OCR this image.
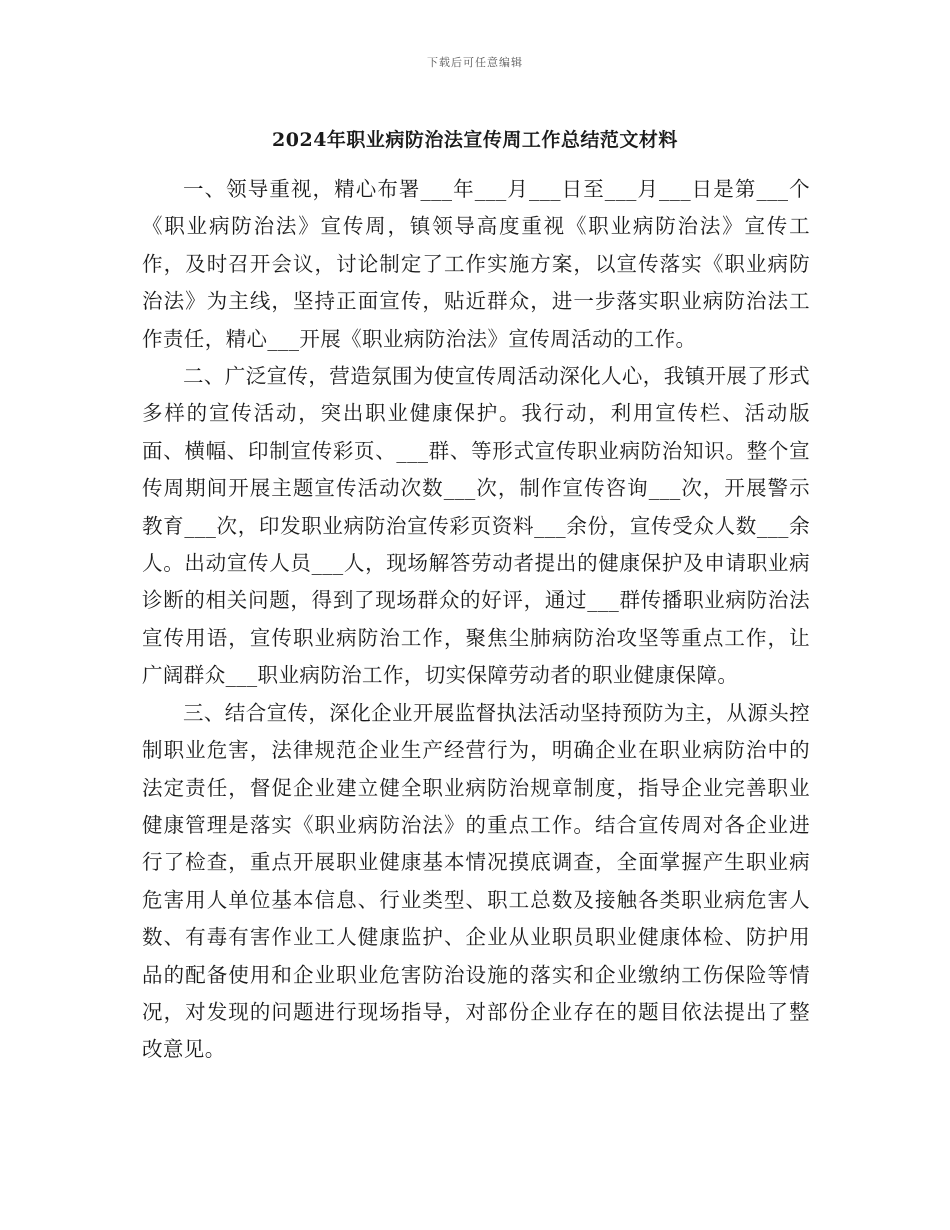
下载后可任意编辑
2024年职业病防治法宣传周工作总结范文材料

一、领导重视，精心布署___年___月___日至___月___日是第___个《职业病防治法》宣传周，镇领导高度重视《职业病防治法》宣传工作，及时召开会议，讨论制定了工作实施方案，以宣传落实《职业病防治法》为主线，坚持正面宣传，贴近群众，进一步落实职业病防治法工作责任，精心___开展《职业病防治法》宣传周活动的工作。

二、广泛宣传，营造氛围为使宣传周活动深化人心，我镇开展了形式多样的宣传活动，突出职业健康保护。我行动，利用宣传栏、活动版面、横幅、印制宣传彩页、___群、等形式宣传职业病防治知识。整个宣传周期间开展主题宣传活动次数___次，制作宣传咨询___次，开展警示教育___次，印发职业病防治宣传彩页资料___余份，宣传受众人数___余人。出动宣传人员___人，现场解答劳动者提出的健康保护及申请职业病诊断的相关问题，得到了现场群众的好评，通过___群传播职业病防治法宣传用语，宣传职业病防治工作，聚焦尘肺病防治攻坚等重点工作，让广阔群众___职业病防治工作，切实保障劳动者的职业健康保障。

三、结合宣传，深化企业开展监督执法活动坚持预防为主，从源头控制职业危害，法律规范企业生产经营行为，明确企业在职业病防治中的法定责任，督促企业建立健全职业病防治规章制度，指导企业完善职业健康管理是落实《职业病防治法》的重点工作。结合宣传周对各企业进行了检查，重点开展职业健康基本情况摸底调查，全面掌握产生职业病危害用人单位基本信息、行业类型、职工总数及接触各类职业病危害人数、有毒有害作业工人健康监护、企业从业职员职业健康体检、防护用品的配备使用和企业职业危害防治设施的落实和企业缴纳工伤保险等情况，对发现的问题进行现场指导，对部份企业存在的题目依法提出了整改意见。
